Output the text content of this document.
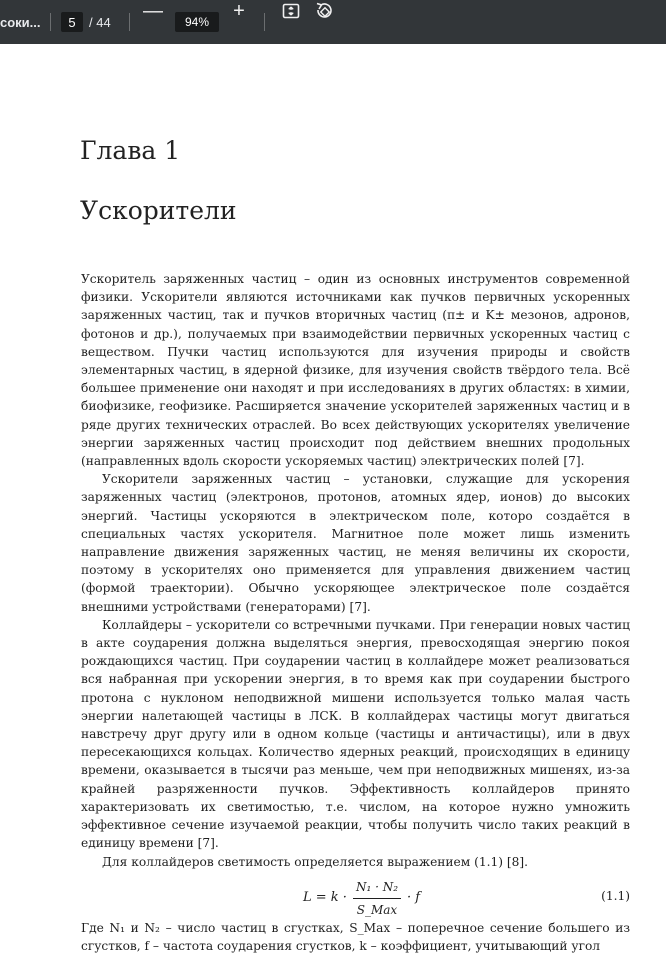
соки...	5	/ 44
—
94%
+
Глава 1
Ускорители

Ускоритель заряженных частиц – один из основных инструментов современной физики. Ускорители являются источниками как пучков первичных ускоренных заряженных частиц, так и пучков вторичных частиц (π± и K± мезонов, адронов, фотонов и др.), получаемых при взаимодействии первичных ускоренных частиц с веществом. Пучки частиц используются для изучения природы и свойств элементарных частиц, в ядерной физике, для изучения свойств твёрдого тела. Всё большее применение они находят и при исследованиях в других областях: в химии, биофизике, геофизике. Расширяется значение ускорителей заряженных частиц и в ряде других технических отраслей. Во всех действующих ускорителях увеличение энергии заряженных частиц происходит под действием внешних продольных (направленных вдоль скорости ускоряемых частиц) электрических полей [7].

Ускорители заряженных частиц – установки, служащие для ускорения заряженных частиц (электронов, протонов, атомных ядер, ионов) до высоких энергий. Частицы ускоряются в электрическом поле, которо создаётся в специальных частях ускорителя. Магнитное поле может лишь изменить направление движения заряженных частиц, не меняя величины их скорости, поэтому в ускорителях оно применяется для управления движением частиц (формой траектории). Обычно ускоряющее электрическое поле создаётся внешними устройствами (генераторами) [7].

Коллайдеры – ускорители со встречными пучками. При генерации новых частиц в акте соударения должна выделяться энергия, превосходящая энергию покоя рождающихся частиц. При соударении частиц в коллайдере может реализоваться вся набранная при ускорении энергия, в то время как при соударении быстрого протона с нуклоном неподвижной мишени используется только малая часть энергии налетающей частицы в ЛСК. В коллайдерах частицы могут двигаться навстречу друг другу или в одном кольце (частицы и античастицы), или в двух пересекающихся кольцах. Количество ядерных реакций, происходящих в единицу времени, оказывается в тысячи раз меньше, чем при неподвижных мишенях, из-за крайней разряженности пучков. Эффективность коллайдеров принято характеризовать их светимостью, т.е. числом, на которое нужно умножить эффективное сечение изучаемой реакции, чтобы получить число таких реакций в единицу времени [7].

Для коллайдеров светимость определяется выражением (1.1) [8].

$L = k \cdot \frac{\text{N₁ · N₂}}{\text{S\_Max}} \cdot f$	(1.1)

Где N₁ и N₂ – число частиц в сгустках, S_Max – поперечное сечение большего из сгустков, f – частота соударения сгустков, k – коэффициент, учитывающий угол
